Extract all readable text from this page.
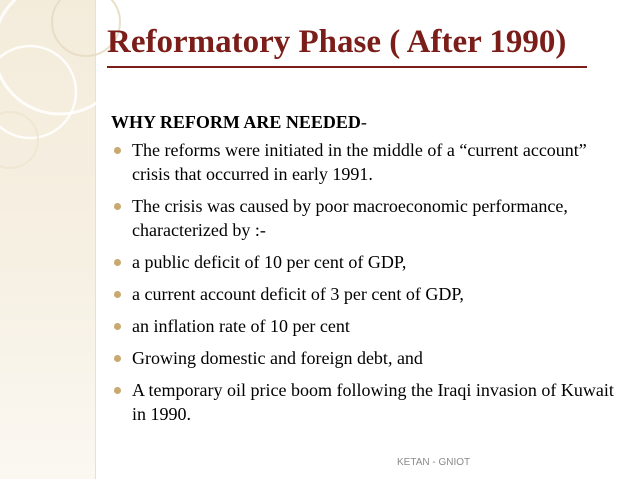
Reformatory Phase ( After 1990)
WHY REFORM ARE NEEDED-
The reforms were initiated in the middle of a “current account” crisis that occurred in early 1991.
The crisis was caused by poor macroeconomic performance, characterized by :-
a public deficit of 10 per cent of GDP,
a current account deficit of 3 per cent of GDP,
an inflation rate of 10 per cent
Growing domestic and foreign debt, and
A temporary oil price boom following the Iraqi invasion of Kuwait in 1990.
KETAN - GNIOT
